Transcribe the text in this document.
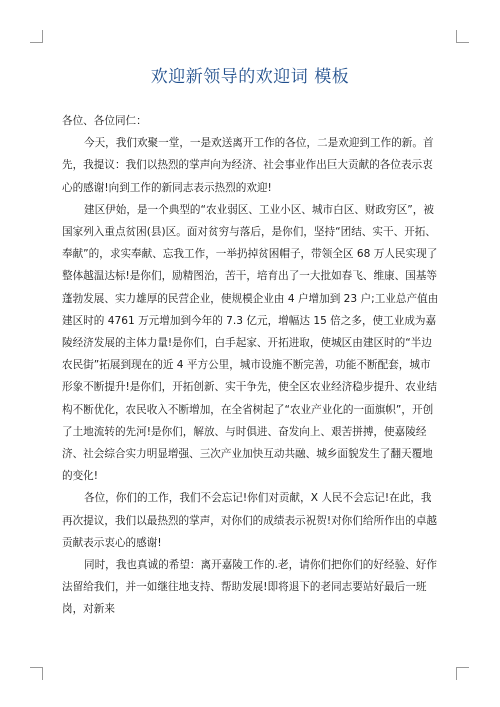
欢迎新领导的欢迎词 模板

各位、各位同仁：

今天，我们欢聚一堂，一是欢送离开工作的各位，二是欢迎到工作的新。首先，我提议：我们以热烈的掌声向为经济、社会事业作出巨大贡献的各位表示衷心的感谢!向到工作的新同志表示热烈的欢迎!

建区伊始，是一个典型的“农业弱区、工业小区、城市白区、财政穷区”，被国家列入重点贫困(县)区。面对贫穷与落后，是你们，坚持“团结、实干、开拓、奉献”的，求实奉献、忘我工作，一举扔掉贫困帽子，带领全区 68 万人民实现了整体越温达标!是你们，励精图治，苦干，培育出了一大批如春飞、维康、国基等蓬勃发展、实力雄厚的民营企业，使规模企业由 4 户增加到 23 户;工业总产值由建区时的 4761 万元增加到今年的 7.3 亿元，增幅达 15 倍之多，使工业成为嘉陵经济发展的主体力量!是你们，白手起家、开拓进取，使城区由建区时的“半边农民街”拓展到现在的近 4 平方公里，城市设施不断完善，功能不断配套，城市形象不断提升!是你们，开拓创新、实干争先，使全区农业经济稳步提升、农业结构不断优化，农民收入不断增加，在全省树起了“农业产业化的一面旗帜”，开创了土地流转的先河!是你们，解放、与时俱进、奋发向上、艰苦拼搏，使嘉陵经济、社会综合实力明显增强、三次产业加快互动共融、城乡面貌发生了翻天覆地的变化!

各位，你们的工作，我们不会忘记!你们对贡献，X 人民不会忘记!在此，我再次提议，我们以最热烈的掌声，对你们的成绩表示祝贺!对你们给所作出的卓越贡献表示衷心的感谢!

同时，我也真诚的希望：离开嘉陵工作的.老，请你们把你们的好经验、好作法留给我们，并一如继往地支持、帮助发展!即将退下的老同志要站好最后一班岗，对新来
